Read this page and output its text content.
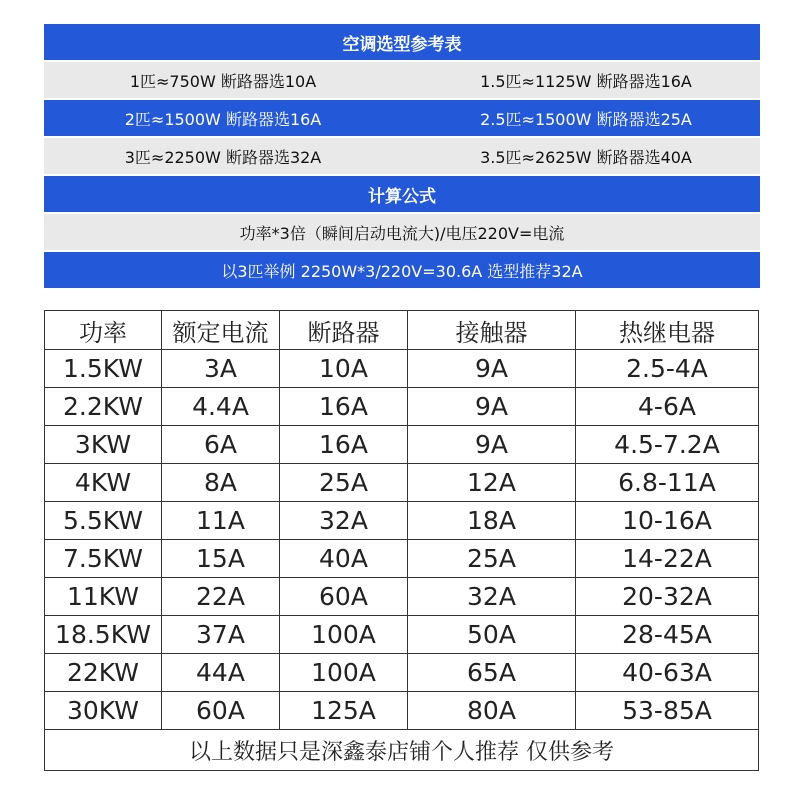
空调选型参考表
1匹≈750W 断路器选10A	1.5匹≈1125W 断路器选16A
2匹≈1500W 断路器选16A	2.5匹≈1500W 断路器选25A
3匹≈2250W 断路器选32A	3.5匹≈2625W 断路器选40A
计算公式
功率*3倍（瞬间启动电流大)/电压220V=电流
以3匹举例 2250W*3/220V=30.6A 选型推荐32A
功率	额定电流	断路器	接触器	热继电器
1.5KW	3A	10A	9A	2.5-4A
2.2KW	4.4A	16A	9A	4-6A
3KW	6A	16A	9A	4.5-7.2A
4KW	8A	25A	12A	6.8-11A
5.5KW	11A	32A	18A	10-16A
7.5KW	15A	40A	25A	14-22A
11KW	22A	60A	32A	20-32A
18.5KW	37A	100A	50A	28-45A
22KW	44A	100A	65A	40-63A
30KW	60A	125A	80A	53-85A
以上数据只是深鑫泰店铺个人推荐 仅供参考				
